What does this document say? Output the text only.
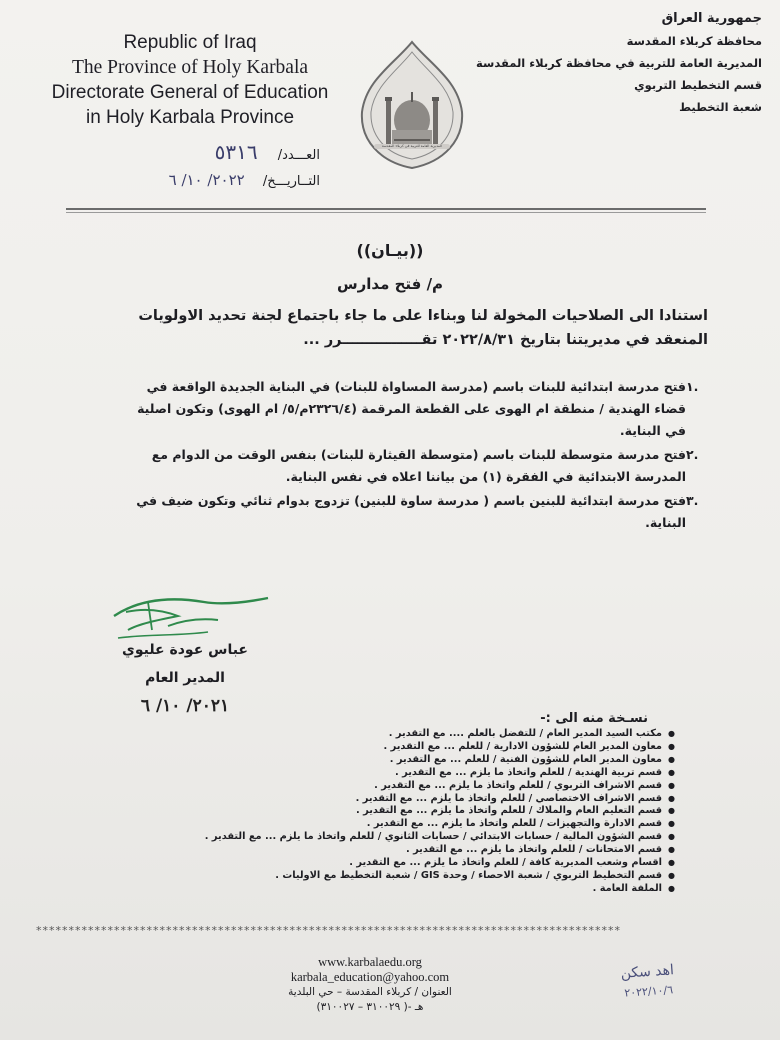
Republic of Iraq
The Province of Holy Karbala
Directorate General of Education
in Holy Karbala Province
جمهورية العراق
محافظة كربلاء المقدسة
المديرية العامة للتربية في محافظة كربلاء المقدسة
قسم التخطيط التربوي
شعبة التخطيط
المديرية العامة للتربية في كربلاء المقدسة
العـــدد/ ٥٣١٦
التــاريـــخ/ ٢٠٢٢/ ١٠/ ٦
((بيـان))
م/ فتح مدارس
استنادا الى الصلاحيات المخولة لنا وبناءا على ما جاء باجتماع لجنة تحديد الاولويات
المنعقد في مديريتنا بتاريخ ٢٠٢٢/٨/٣١ تقــــــــــــــــرر ...
.١فتح مدرسة ابتدائية للبنات باسم (مدرسة المساواة للبنات) في البناية الجديدة الواقعة في
قضاء الهندية / منطقة ام الهوى على القطعة المرقمة (٢٣٢٦/٤م/٥/ ام الهوى) وتكون اصلية
في البناية.
.٢فتح مدرسة متوسطة للبنات باسم (متوسطة القيثارة للبنات) بنفس الوقت من الدوام مع
المدرسة الابتدائية في الفقرة (١) من بياننا اعلاه في نفس البناية.
.٣فتح مدرسة ابتدائية للبنين باسم ( مدرسة ساوة للبنين) تزدوج بدوام ثنائي وتكون ضيف في
البناية.
عباس عودة عليوي
المدير العام
٢٠٢١/ ١٠/ ٦
نسـخة منه الى :-
● مكتب السيد المدير العام / للتفضل بالعلم .... مع التقدير .
● معاون المدير العام للشؤون الادارية / للعلم ... مع التقدير .
● معاون المدير العام للشؤون الفنية / للعلم ... مع التقدير .
● قسم تربية الهندية / للعلم واتخاذ ما يلزم ... مع التقدير .
● قسم الاشراف التربوي / للعلم واتخاذ ما يلزم ... مع التقدير .
● قسم الاشراف الاختصاصي / للعلم واتخاذ ما يلزم ... مع التقدير .
● قسم التعليم العام والملاك / للعلم واتخاذ ما يلزم ... مع التقدير .
● قسم الادارة والتجهيزات / للعلم واتخاذ ما يلزم ... مع التقدير .
● قسم الشؤون المالية / حسابات الابتدائي / حسابات الثانوي / للعلم واتخاذ ما يلزم ... مع التقدير .
● قسم الامتحانات / للعلم واتخاذ ما يلزم ... مع التقدير .
● اقسام وشعب المديرية كافة / للعلم واتخاذ ما يلزم ... مع التقدير .
● قسم التخطيط التربوي / شعبة الاحصاء / وحدة GIS / شعبة التخطيط مع الاوليات .
● الملفة العامة .
******************************************************************************************
www.karbalaedu.org
karbala_education@yahoo.com
العنوان / كربلاء المقدسة – حي البلدية
هـ -( ٣١٠٠٢٩ – ٣١٠٠٢٧)
اهد سكن
٢٠٢٢/١٠/٦
